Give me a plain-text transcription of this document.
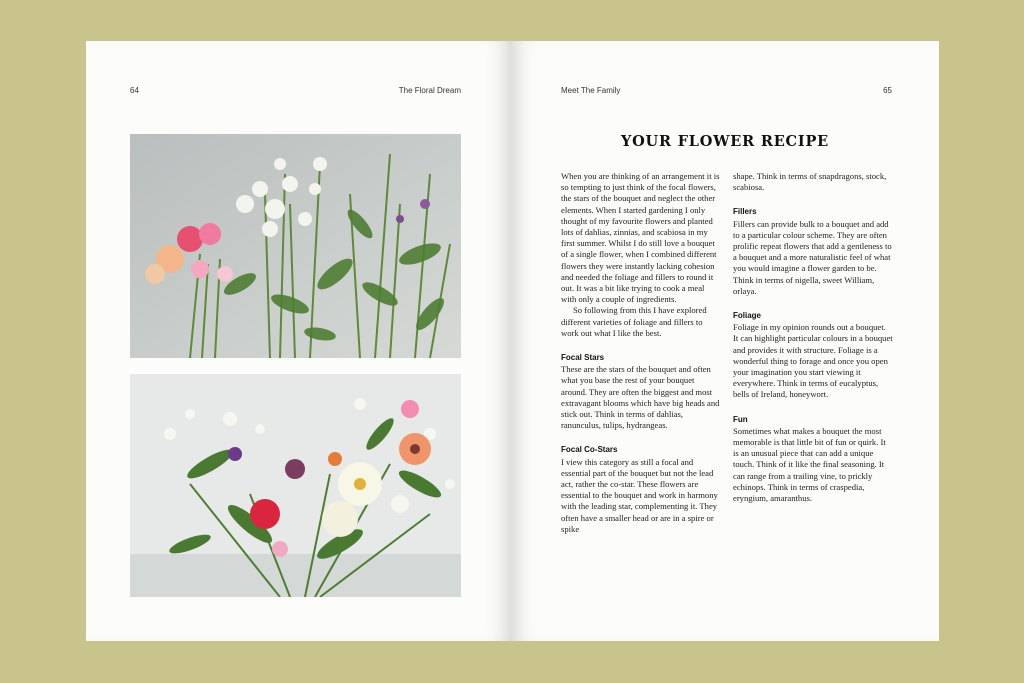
64	The Floral Dream	Meet The Family	65
YOUR FLOWER RECIPE

When you are thinking of an arrangement it is so tempting to just think of the focal flowers, the stars of the bouquet and neglect the other elements. When I started gardening I only thought of my favourite flowers and planted lots of dahlias, zinnias, and scabiosa in my first summer. Whilst I do still love a bouquet of a single flower, when I combined different flowers they were instantly lacking cohesion and needed the foliage and fillers to round it out. It was a bit like trying to cook a meal with only a couple of ingredients.

So following from this I have explored different varieties of foliage and fillers to work out what I like the best.

Focal Stars

These are the stars of the bouquet and often what you base the rest of your bouquet around. They are often the biggest and most extravagant blooms which have big heads and stick out. Think in terms of dahlias, ranunculus, tulips, hydrangeas.

Focal Co-Stars

I view this category as still a focal and essential part of the bouquet but not the lead act, rather the co-star. These flowers are essential to the bouquet and work in harmony with the leading star, complementing it. They often have a smaller head or are in a spire or spike

shape. Think in terms of snapdragons, stock, scabiosa.

Fillers

Fillers can provide bulk to a bouquet and add to a particular colour scheme. They are often prolific repeat flowers that add a gentleness to a bouquet and a more naturalistic feel of what you would imagine a flower garden to be. Think in terms of nigella, sweet William, orlaya.

Foliage

Foliage in my opinion rounds out a bouquet. It can highlight particular colours in a bouquet and provides it with structure. Foliage is a wonderful thing to forage and once you open your imagination you start viewing it everywhere. Think in terms of eucalyptus, bells of Ireland, honeywort.

Fun

Sometimes what makes a bouquet the most memorable is that little bit of fun or quirk. It is an unusual piece that can add a unique touch. Think of it like the final seasoning. It can range from a trailing vine, to prickly echinops. Think in terms of craspedia, eryngium, amaranthus.
